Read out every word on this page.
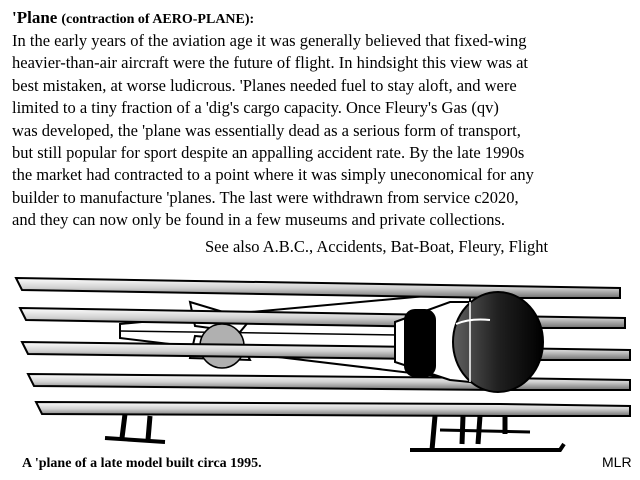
'Plane (contraction of AERO-PLANE):

In the early years of the aviation age it was generally believed that fixed-wing
heavier-than-air aircraft were the future of flight. In hindsight this view was at
best mistaken, at worse ludicrous. 'Planes needed fuel to stay aloft, and were
limited to a tiny fraction of a 'dig's cargo capacity. Once Fleury's Gas (qv)
was developed, the 'plane was essentially dead as a serious form of transport,
but still popular for sport despite an appalling accident rate. By the late 1990s
the market had contracted to a point where it was simply uneconomical for any
builder to manufacture 'planes. The last were withdrawn from service c2020,
and they can now only be found in a few museums and private collections.
See also A.B.C., Accidents, Bat-Boat, Fleury, Flight
A 'plane of a late model built circa 1995.	MLR
